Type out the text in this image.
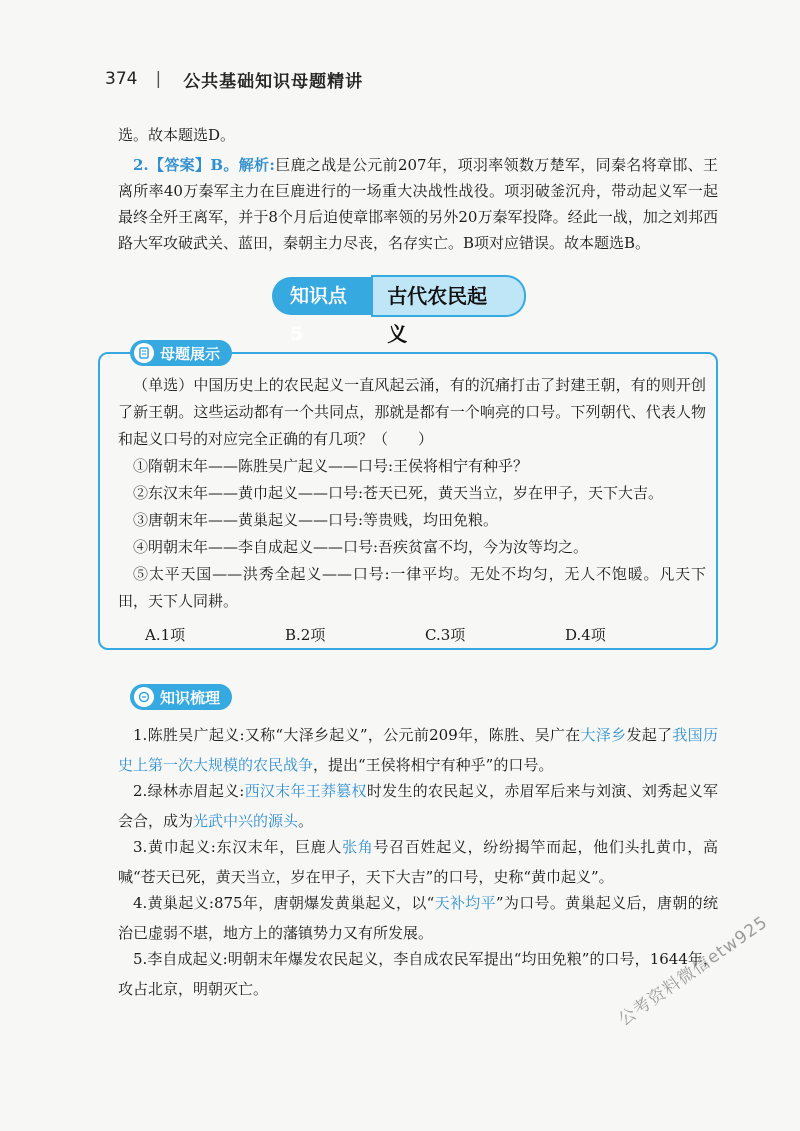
374 | 公共基础知识母题精讲
选。故本题选D。
2.【答案】B。解析:巨鹿之战是公元前207年，项羽率领数万楚军，同秦名将章邯、王离所率40万秦军主力在巨鹿进行的一场重大决战性战役。项羽破釜沉舟，带动起义军一起最终全歼王离军，并于8个月后迫使章邯率领的另外20万秦军投降。经此一战，加之刘邦西路大军攻破武关、蓝田，秦朝主力尽丧，名存实亡。B项对应错误。故本题选B。
知识点5
古代农民起义
母题展示
（单选）中国历史上的农民起义一直风起云涌，有的沉痛打击了封建王朝，有的则开创了新王朝。这些运动都有一个共同点，那就是都有一个响亮的口号。下列朝代、代表人物和起义口号的对应完全正确的有几项？（　　）
①隋朝末年——陈胜吴广起义——口号:王侯将相宁有种乎？
②东汉末年——黄巾起义——口号:苍天已死，黄天当立，岁在甲子，天下大吉。
③唐朝末年——黄巢起义——口号:等贵贱，均田免粮。
④明朝末年——李自成起义——口号:吾疾贫富不均，今为汝等均之。
⑤太平天国——洪秀全起义——口号:一律平均。无处不均匀，无人不饱暖。凡天下田，天下人同耕。
A.1项	B.2项	C.3项	D.4项
知识梳理
1.陈胜吴广起义:又称“大泽乡起义”，公元前209年，陈胜、吴广在大泽乡发起了我国历史上第一次大规模的农民战争，提出“王侯将相宁有种乎”的口号。
2.绿林赤眉起义:西汉末年王莽篡权时发生的农民起义，赤眉军后来与刘演、刘秀起义军会合，成为光武中兴的源头。
3.黄巾起义:东汉末年，巨鹿人张角号召百姓起义，纷纷揭竿而起，他们头扎黄巾，高喊“苍天已死，黄天当立，岁在甲子，天下大吉”的口号，史称“黄巾起义”。
4.黄巢起义:875年，唐朝爆发黄巢起义，以“天补均平”为口号。黄巢起义后，唐朝的统治已虚弱不堪，地方上的藩镇势力又有所发展。
5.李自成起义:明朝末年爆发农民起义，李自成农民军提出“均田免粮”的口号，1644年，攻占北京，明朝灭亡。	公考资料微信etw925
